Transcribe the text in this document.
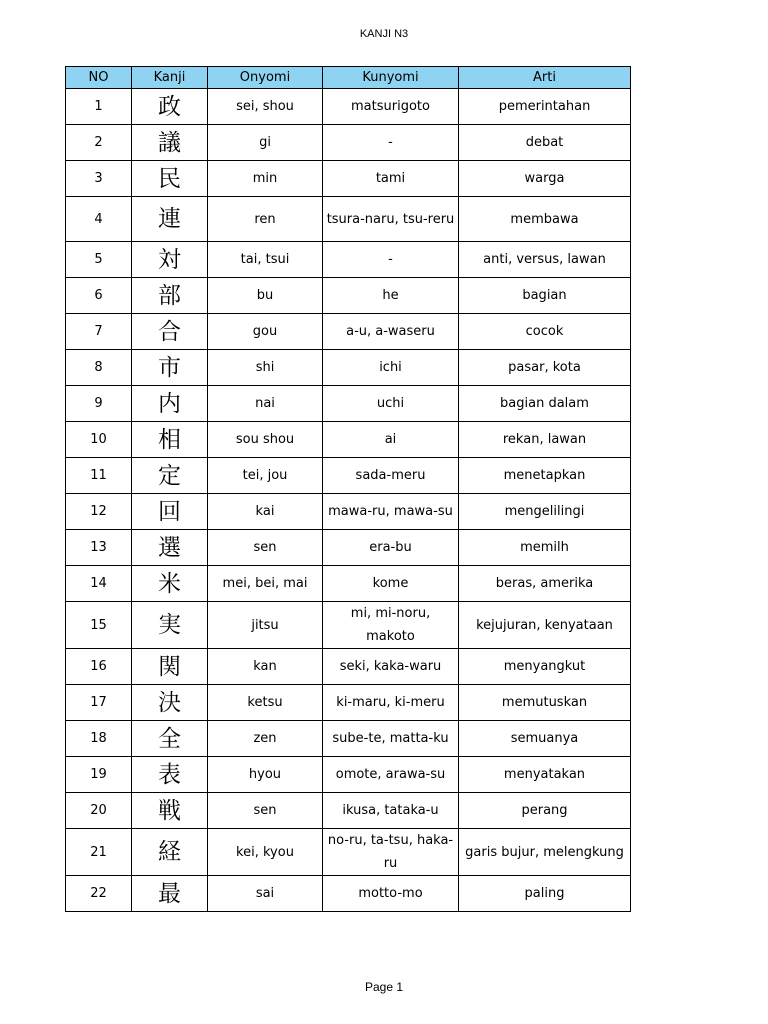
KANJI N3
NO	Kanji	Onyomi	Kunyomi	Arti
1	政	sei, shou	matsurigoto	pemerintahan
2	議	gi	-	debat
3	民	min	tami	warga
4	連	ren	tsura-naru, tsu-reru	membawa
5	対	tai, tsui	-	anti, versus, lawan
6	部	bu	he	bagian
7	合	gou	a-u, a-waseru	cocok
8	市	shi	ichi	pasar, kota
9	内	nai	uchi	bagian dalam
10	相	sou shou	ai	rekan, lawan
11	定	tei, jou	sada-meru	menetapkan
12	回	kai	mawa-ru, mawa-su	mengelilingi
13	選	sen	era-bu	memilh
14	米	mei, bei, mai	kome	beras, amerika
15	実	jitsu	mi, mi-noru, makoto	kejujuran, kenyataan
16	関	kan	seki, kaka-waru	menyangkut
17	決	ketsu	ki-maru, ki-meru	memutuskan
18	全	zen	sube-te, matta-ku	semuanya
19	表	hyou	omote, arawa-su	menyatakan
20	戦	sen	ikusa, tataka-u	perang
21	経	kei, kyou	no-ru, ta-tsu, haka-ru	garis bujur, melengkung
22	最	sai	motto-mo	paling
Page 1
